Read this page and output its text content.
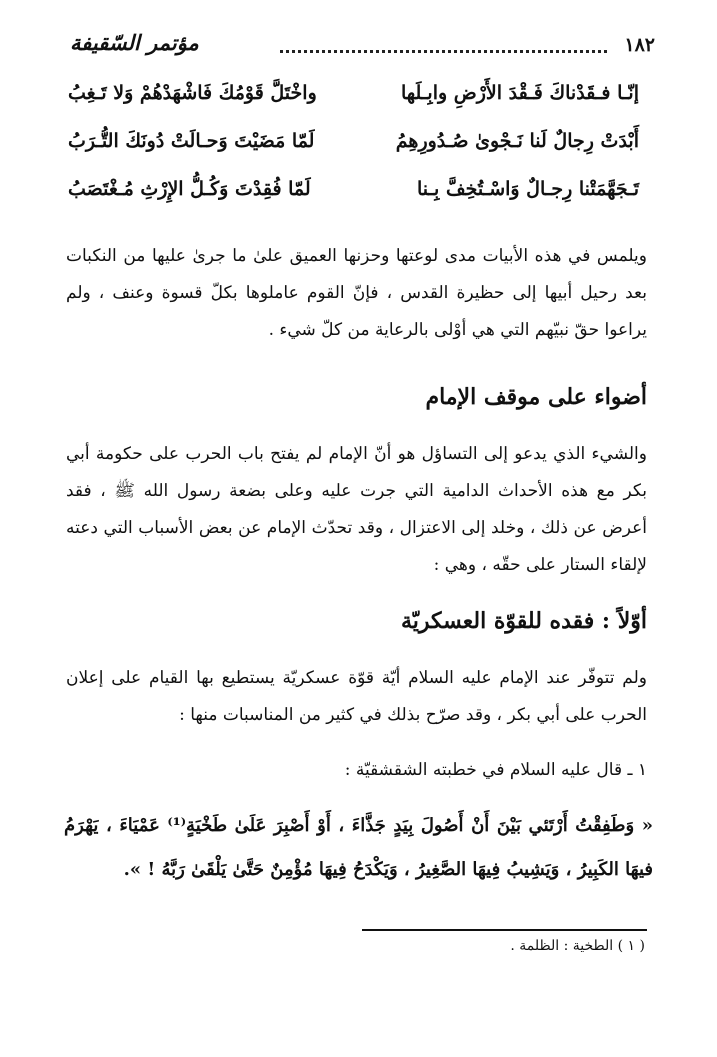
١٨٢
مؤتمر السّقيفة
إنّـا فـقَدْناكَ فَـقْدَ الأَرْضِ وابِـلَها
واخْتَلَّ قَوْمُكَ فَاشْهَدْهُمْ وَلا تَـغِبُ
أَبْدَتْ رِجالٌ لَنا نَـجْوىٰ صُـدُورِهِمُ
لَمّا مَضَيْتَ وَحـالَتْ دُونَكَ التُّـرَبُ
تَـجَهَّمَتْنا رِجـالٌ وَاسْـتُخِفَّ بِـنا
لَمّا فُقِدْتَ وَكُـلُّ الإِرْثِ مُـغْتَصَبُ

ويلمس في هذه الأبيات مدى لوعتها وحزنها العميق علىٰ ما جرىٰ عليها من النكبات بعد رحيل أبيها إلى حظيرة القدس ، فإنّ القوم عاملوها بكلّ قسوة وعنف ، ولم يراعوا حقّ نبيّهم التي هي أوْلى بالرعاية من كلّ شيء .

أضواء على موقف الإمام

والشيء الذي يدعو إلى التساؤل هو أنّ الإمام لم يفتح باب الحرب على حكومة أبي بكر مع هذه الأحداث الدامية التي جرت عليه وعلى بضعة رسول الله ﷺ ، فقد أعرض عن ذلك ، وخلد إلى الاعتزال ، وقد تحدّث الإمام عن بعض الأسباب التي دعته لإلقاء الستار على حقّه ، وهي :

أوّلاً : فقده للقوّة العسكريّة

ولم تتوفّر عند الإمام عليه السلام أيّة قوّة عسكريّة يستطيع بها القيام على إعلان الحرب على أبي بكر ، وقد صرّح بذلك في كثير من المناسبات منها :

١ ـ قال عليه السلام في خطبته الشقشقيّة :

« وَطَفِقْتُ أَرْتَئي بَيْنَ أَنْ أَصُولَ بِيَدٍ جَذَّاءَ ، أَوْ أَصْبِرَ عَلَىٰ طَخْيَةٍ⁽¹⁾ عَمْيَاءَ ، يَهْرَمُ فيهَا الكَبِيرُ ، وَيَشِيبُ فِيهَا الصَّغِيرُ ، وَيَكْدَحُ فِيهَا مُؤْمِنٌ حَتَّىٰ يَلْقَىٰ رَبَّهُ ! ».

( ١ ) الطخية : الظلمة .
